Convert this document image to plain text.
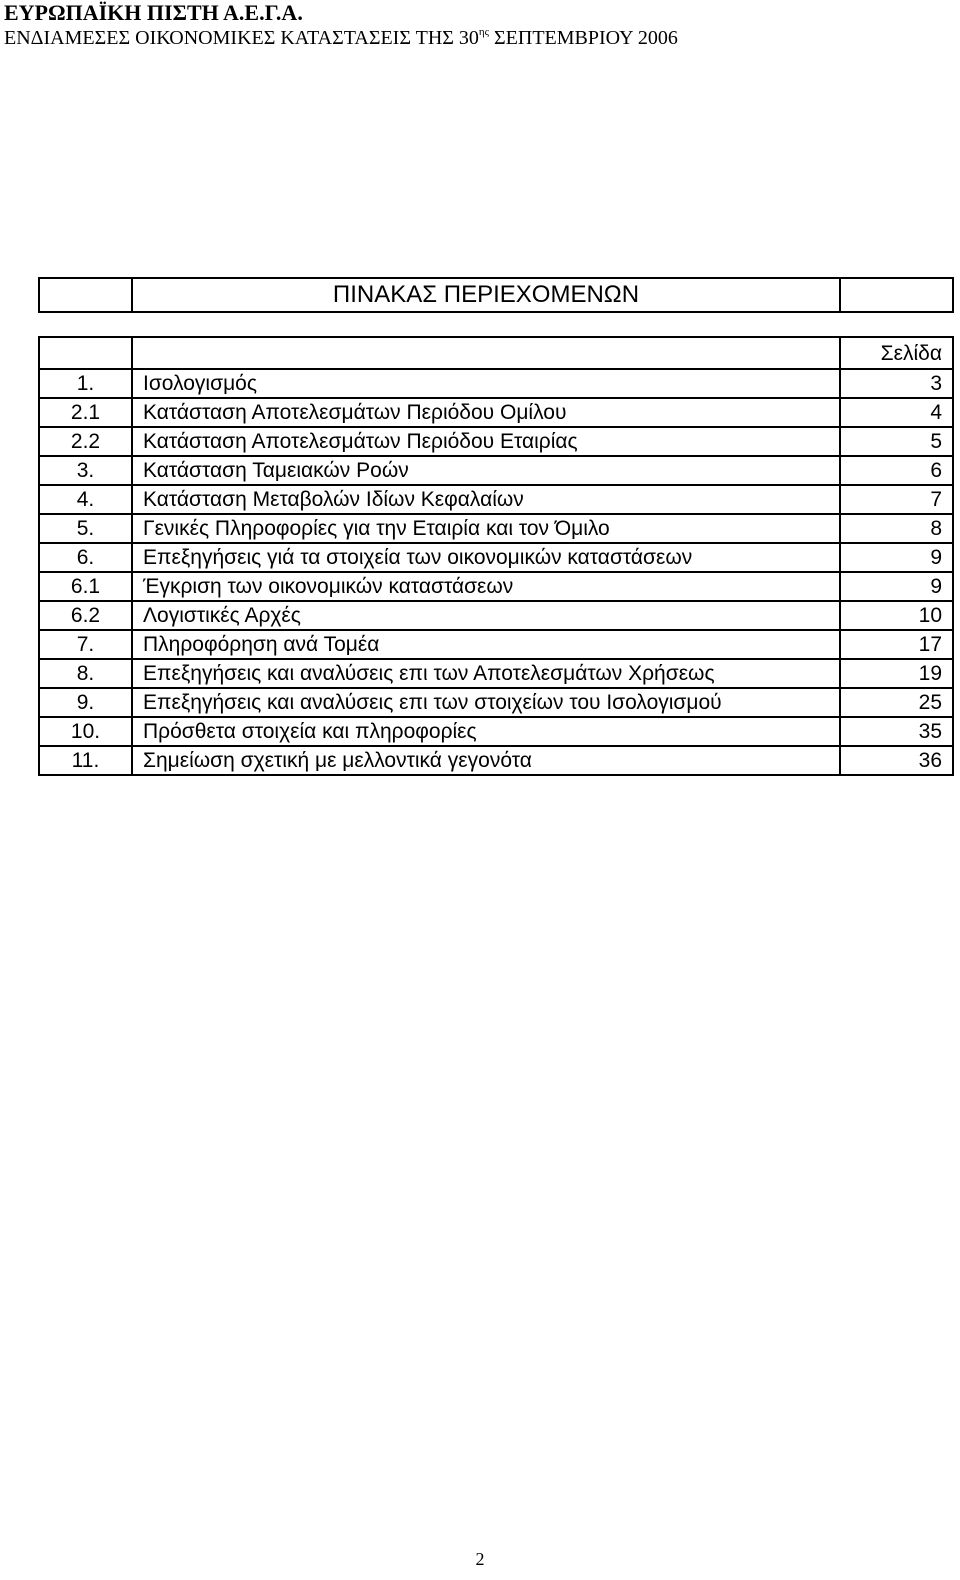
ΕΥΡΩΠΑΪΚΗ ΠΙΣΤΗ Α.Ε.Γ.Α.
ΕΝΔΙΑΜΕΣΕΣ ΟΙΚΟΝΟΜΙΚΕΣ ΚΑΤΑΣΤΑΣΕΙΣ ΤΗΣ $30^{\eta\varsigma}$ ΣΕΠΤΕΜΒΡΙΟΥ 2006
	ΠΙΝΑΚΑΣ ΠΕΡΙΕΧΟΜΕΝΩΝ	
		Σελίδα
1.	Ισολογισμός	3
2.1	Κατάσταση Αποτελεσμάτων Περιόδου Ομίλου	4
2.2	Κατάσταση Αποτελεσμάτων Περιόδου Εταιρίας	5
3.	Κατάσταση Ταμειακών Ροών	6
4.	Κατάσταση Μεταβολών Ιδίων Κεφαλαίων	7
5.	Γενικές Πληροφορίες για την Εταιρία και τον Όμιλο	8
6.	Επεξηγήσεις γιά τα στοιχεία των οικονομικών καταστάσεων	9
6.1	Έγκριση των οικονομικών καταστάσεων	9
6.2	Λογιστικές Αρχές	10
7.	Πληροφόρηση ανά Τομέα	17
8.	Επεξηγήσεις και αναλύσεις επι των Αποτελεσμάτων Χρήσεως	19
9.	Επεξηγήσεις και αναλύσεις επι των στοιχείων του Ισολογισμού	25
10.	Πρόσθετα στοιχεία και πληροφορίες	35
11.	Σημείωση σχετική με μελλοντικά γεγονότα	36
2
